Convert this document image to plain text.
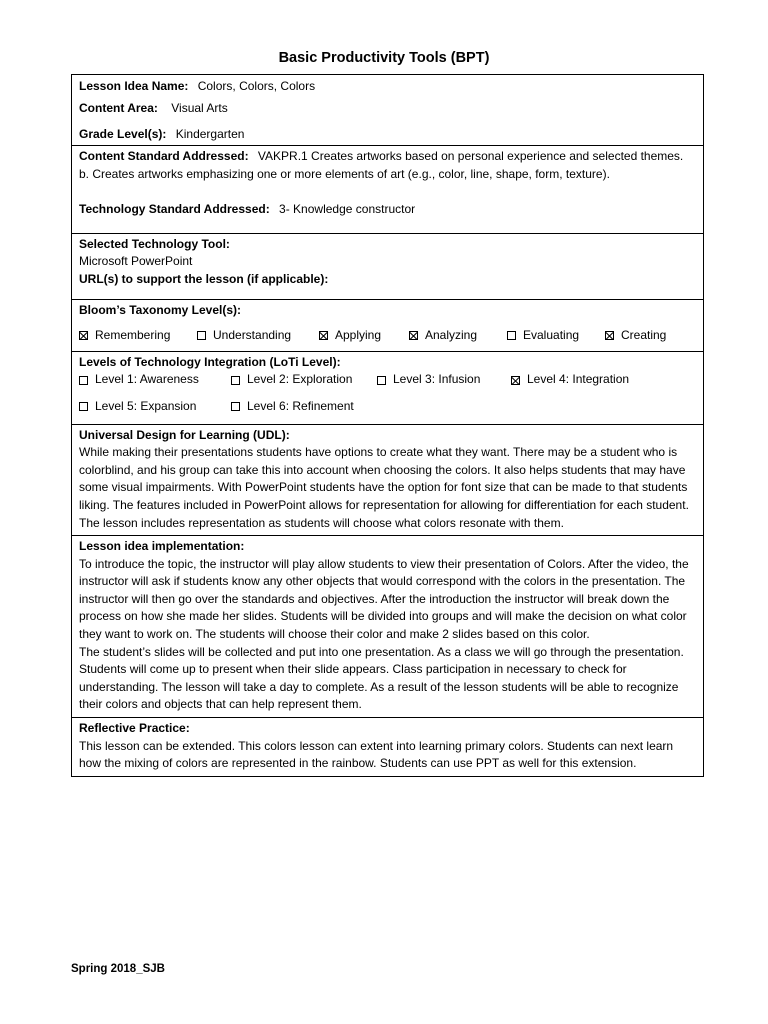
Basic Productivity Tools (BPT)
Lesson Idea Name: Colors, Colors, Colors
Content Area: Visual Arts
Grade Level(s): Kindergarten

Content Standard Addressed: VAKPR.1 Creates artworks based on personal experience and selected themes. b. Creates artworks emphasizing one or more elements of art (e.g., color, line, shape, form, texture).

Technology Standard Addressed: 3- Knowledge constructor

Selected Technology Tool:
Microsoft PowerPoint
URL(s) to support the lesson (if applicable):
Bloom’s Taxonomy Level(s):
Remembering	Understanding	Applying	Analyzing	Evaluating	Creating
Levels of Technology Integration (LoTi Level):
Level 1: Awareness	Level 2: Exploration	Level 3: Infusion	Level 4: Integration
Level 5: Expansion	Level 6: Refinement
Universal Design for Learning (UDL):

While making their presentations students have options to create what they want. There may be a student who is colorblind, and his group can take this into account when choosing the colors. It also helps students that may have some visual impairments. With PowerPoint students have the option for font size that can be made to that students liking. The features included in PowerPoint allows for representation for allowing for differentiation for each student. The lesson includes representation as students will choose what colors resonate with them.

Lesson idea implementation:

To introduce the topic, the instructor will play allow students to view their presentation of Colors. After the video, the instructor will ask if students know any other objects that would correspond with the colors in the presentation. The instructor will then go over the standards and objectives. After the introduction the instructor will break down the process on how she made her slides. Students will be divided into groups and will make the decision on what color they want to work on. The students will choose their color and make 2 slides based on this color.

The student’s slides will be collected and put into one presentation. As a class we will go through the presentation. Students will come up to present when their slide appears. Class participation in necessary to check for understanding. The lesson will take a day to complete. As a result of the lesson students will be able to recognize their colors and objects that can help represent them.

Reflective Practice:

This lesson can be extended. This colors lesson can extent into learning primary colors. Students can next learn how the mixing of colors are represented in the rainbow. Students can use PPT as well for this extension.

Spring 2018_SJB
